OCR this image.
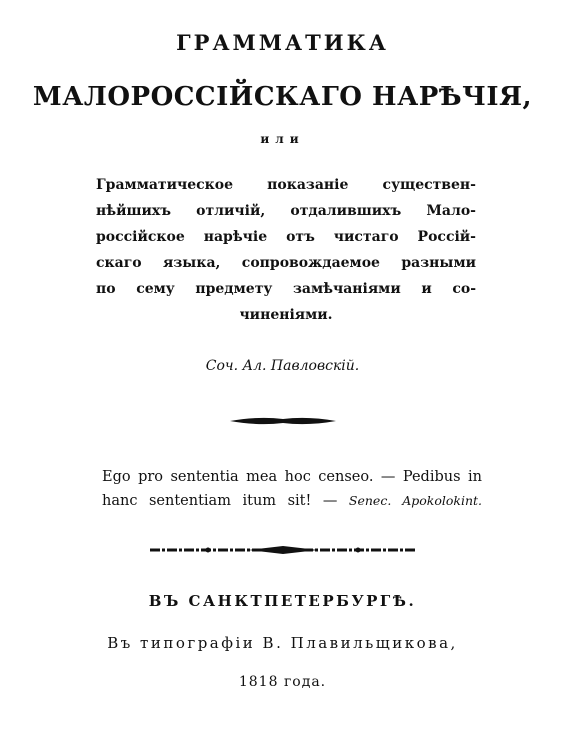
ГРАММАТИКА
МАЛОРОССІЙСКАГО НАРѢЧІЯ,
или
Грамматическое показаніе существен-
нѣйшихъ отличій, отдалившихъ Мало-
россійское нарѣчіе отъ чистаго Россій-
скаго языка, сопровождаемое разными
по сему предмету замѣчаніями и со-
чиненіями.
Соч. Ал. Павловскій.
Ego pro sententia mea hoc censeo. — Pedibus in
hanc sententiam itum sit! — Senec. Apokolokint.
ВЪ САНКТПЕТЕРБУРГѢ.
Въ типографіи В. Плавильщикова,
1818 года.
